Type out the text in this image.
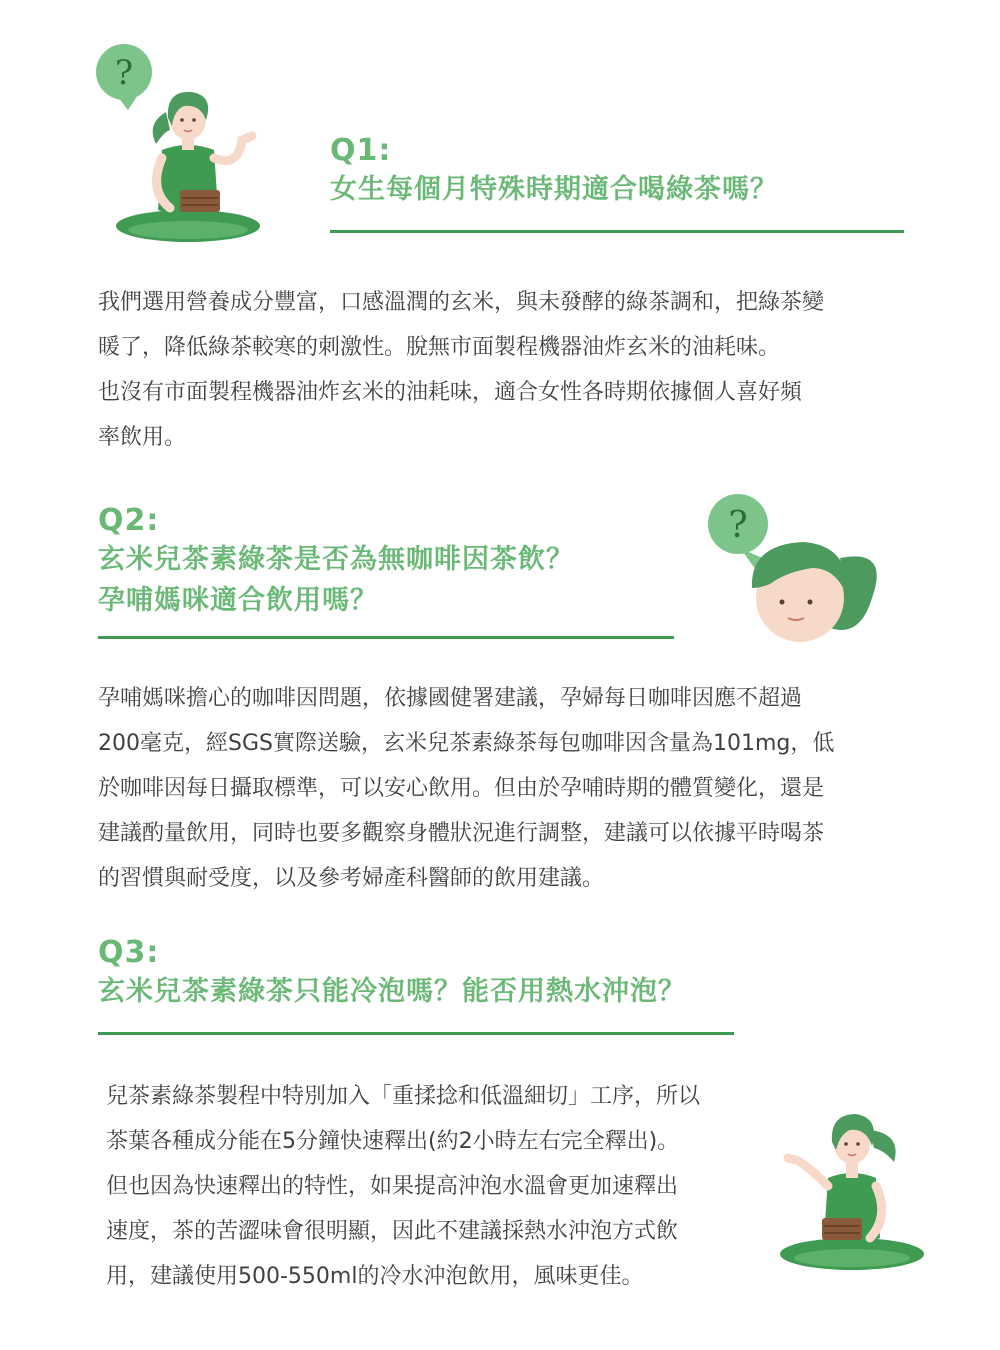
?

Q1:

女生每個月特殊時期適合喝綠茶嗎？

我們選用營養成分豐富，口感溫潤的玄米，與未發酵的綠茶調和，把綠茶變
暖了，降低綠茶較寒的刺激性。脫無市面製程機器油炸玄米的油耗味。
也沒有市面製程機器油炸玄米的油耗味，適合女性各時期依據個人喜好頻
率飲用。

Q2:

玄米兒茶素綠茶是否為無咖啡因茶飲？

孕哺媽咪適合飲用嗎？

?
孕哺媽咪擔心的咖啡因問題，依據國健署建議，孕婦每日咖啡因應不超過
200毫克，經SGS實際送驗，玄米兒茶素綠茶每包咖啡因含量為101mg，低
於咖啡因每日攝取標準，可以安心飲用。但由於孕哺時期的體質變化，還是
建議酌量飲用，同時也要多觀察身體狀況進行調整，建議可以依據平時喝茶
的習慣與耐受度，以及參考婦產科醫師的飲用建議。

Q3:

玄米兒茶素綠茶只能冷泡嗎？能否用熱水沖泡？

兒茶素綠茶製程中特別加入「重揉捻和低溫細切」工序，所以
茶葉各種成分能在5分鐘快速釋出(約2小時左右完全釋出)。
但也因為快速釋出的特性，如果提高沖泡水溫會更加速釋出
速度，茶的苦澀味會很明顯，因此不建議採熱水沖泡方式飲
用，建議使用500-550ml的冷水沖泡飲用，風味更佳。
